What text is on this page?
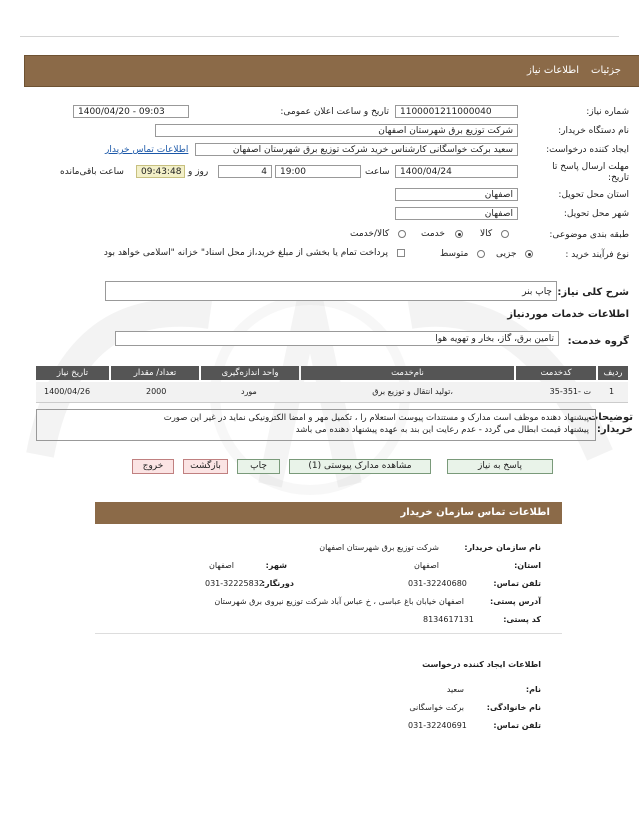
جزئیات
اطلاعات نیاز
شماره نیاز:
1100001211000040
تاریخ و ساعت اعلان عمومی:
1400/04/20 - 09:03
نام دستگاه خریدار:
شرکت توزیع برق شهرستان اصفهان
ایجاد کننده درخواست:
سعید برکت خواسگانی کارشناس خرید شرکت توزیع برق شهرستان اصفهان
اطلاعات تماس خریدار
مهلت ارسال پاسخ تا تاریخ:
1400/04/24
ساعت
19:00
روز و	4
09:43:48
ساعت باقی‌مانده
استان محل تحویل:
اصفهان
شهر محل تحویل:
اصفهان
طبقه بندی موضوعی:
کالا
خدمت
کالا/خدمت
نوع فرآیند خرید :
جزیی
متوسط
پرداخت تمام یا بخشی از مبلغ خرید،از محل اسناد" خزانه "اسلامی خواهد بود
شرح کلی نیاز:
چاپ بنر
اطلاعات خدمات مورد‌نیاز
گروه خدمت:
تامین برق، گاز، بخار و تهویه هوا
تاریخ نیاز	تعداد/ مقدار	واحد اندازه‌گیری	نام‌خدمت	کد‌خدمت	ردیف
1400/04/26	2000	مورد	،تولید انتقال و توزیع برق	ت -351-35 1
توضیحات خریدار:
پیشنهاد دهنده موظف است مدارک و مستندات پیوست استعلام را ، تکمیل مهر و امضا الکترونیکی نماید در غیر این صورت
پیشنهاد قیمت ابطال می گردد - عدم رعایت این بند به عهده پیشنهاد دهنده می باشد
پاسخ به نیاز
مشاهده مدارک پیوستی (1)
چاپ
بازگشت
خروج
اطلاعات تماس سازمان خریدار
نام سازمان خریدار:
شرکت توزیع برق شهرستان اصفهان
استان:
اصفهان
شهر:
اصفهان
تلفن تماس:
031-32240680
دورنگار:
031-32225832
آدرس پستی:
اصفهان خیابان باغ عباسی ، خ عباس آباد شرکت توزیع نیروی برق شهرستان
کد پستی:
8134617131
اطلاعات ایجاد کننده درخواست
نام:
سعید
نام خانوادگی:
برکت خواسگانی
تلفن تماس:
031-32240691
